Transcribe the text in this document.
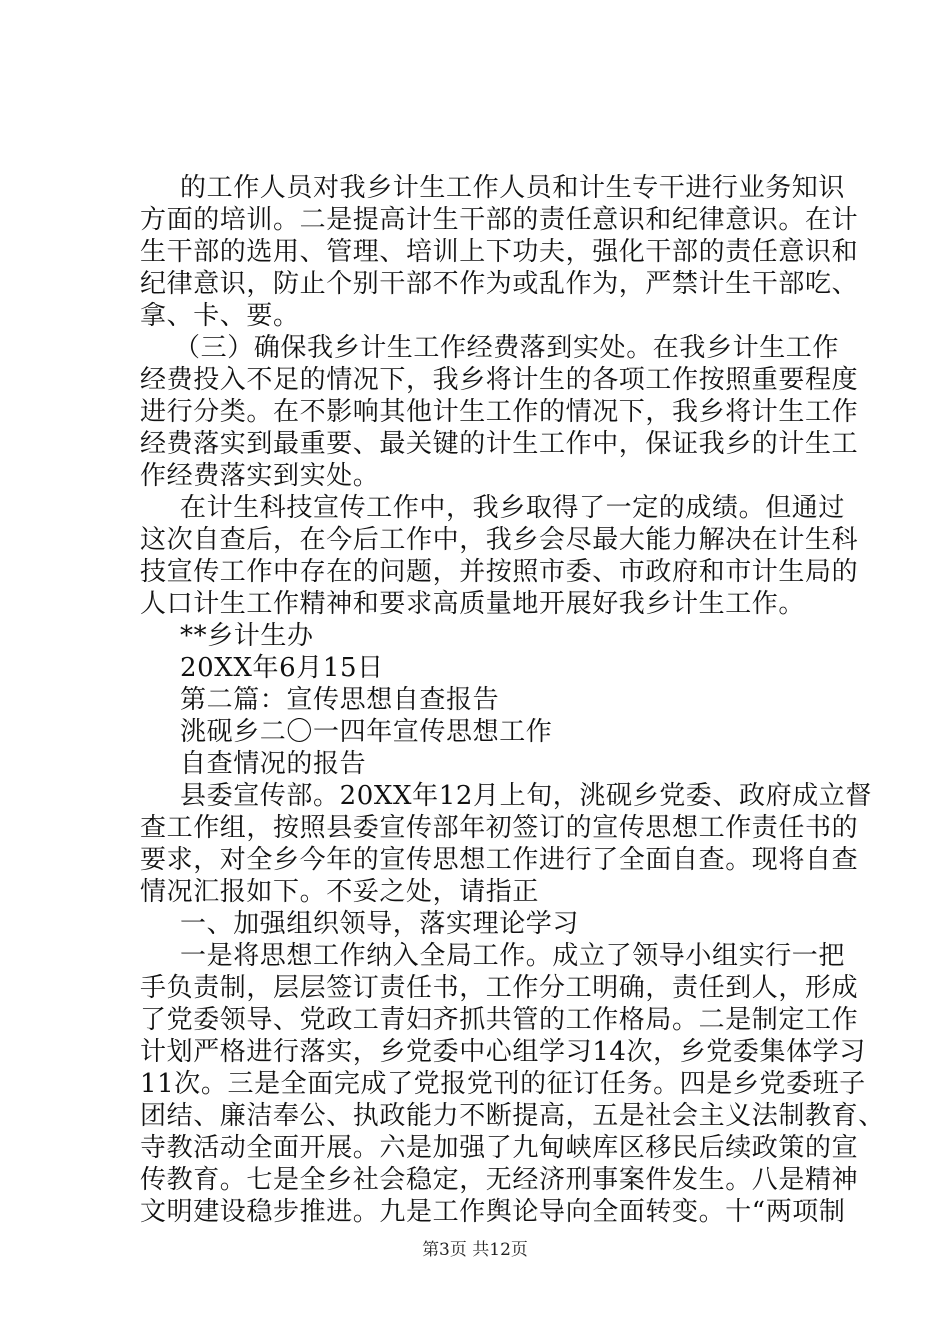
的工作人员对我乡计生工作人员和计生专干进行业务知识
方面的培训。二是提高计生干部的责任意识和纪律意识。在计
生干部的选用、管理、培训上下功夫，强化干部的责任意识和
纪律意识，防止个别干部不作为或乱作为，严禁计生干部吃、
拿、卡、要。
（三）确保我乡计生工作经费落到实处。在我乡计生工作
经费投入不足的情况下，我乡将计生的各项工作按照重要程度
进行分类。在不影响其他计生工作的情况下，我乡将计生工作
经费落实到最重要、最关键的计生工作中，保证我乡的计生工
作经费落实到实处。
在计生科技宣传工作中，我乡取得了一定的成绩。但通过
这次自查后，在今后工作中，我乡会尽最大能力解决在计生科
技宣传工作中存在的问题，并按照市委、市政府和市计生局的
人口计生工作精神和要求高质量地开展好我乡计生工作。
**乡计生办
20XX年6月15日
第二篇：宣传思想自查报告
洮砚乡二〇一四年宣传思想工作
自查情况的报告
县委宣传部。20XX年12月上旬，洮砚乡党委、政府成立督
查工作组，按照县委宣传部年初签订的宣传思想工作责任书的
要求，对全乡今年的宣传思想工作进行了全面自查。现将自查
情况汇报如下。不妥之处，请指正
一、加强组织领导，落实理论学习
一是将思想工作纳入全局工作。成立了领导小组实行一把
手负责制，层层签订责任书，工作分工明确，责任到人，形成
了党委领导、党政工青妇齐抓共管的工作格局。二是制定工作
计划严格进行落实，乡党委中心组学习14次，乡党委集体学习
11次。三是全面完成了党报党刊的征订任务。四是乡党委班子
团结、廉洁奉公、执政能力不断提高，五是社会主义法制教育、
寺教活动全面开展。六是加强了九甸峡库区移民后续政策的宣
传教育。七是全乡社会稳定，无经济刑事案件发生。八是精神
文明建设稳步推进。九是工作舆论导向全面转变。十“两项制
第3页 共12页
